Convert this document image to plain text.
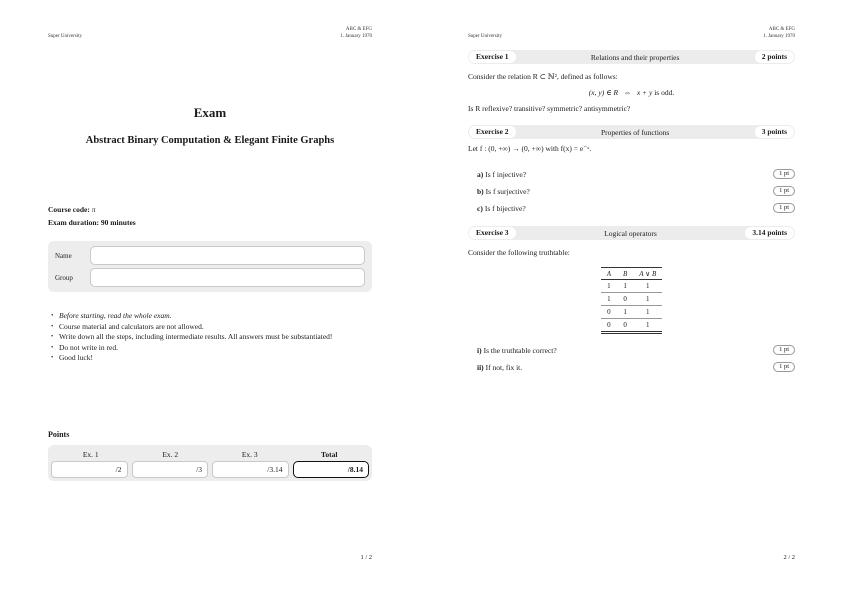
Super University
ABC & EFG
1. January 1970
Exam
Abstract Binary Computation & Elegant Finite Graphs
Course code: π
Exam duration: 90 minutes
Name
Group
• Before starting, read the whole exam.
• Course material and calculators are not allowed.
• Write down all the steps, including intermediate results. All answers must be substantiated!
• Do not write in red.
• Good luck!
Points
Ex. 1	Ex. 2	Ex. 3	Total
/2	/3	/3.14	/8.14
1 / 2
Super University
ABC & EFG
1. January 1970
Exercise 1	Relations and their properties	2 points
Consider the relation R ⊂ ℕ², defined as follows:
(x, y) ∈ R   ⇔   x + y is odd.
Is R reflexive? transitive? symmetric? antisymmetric?
Exercise 2	Properties of functions	3 points
Let f : (0, +∞) → (0, +∞) with f(x) = e⁻ˣ.
a) Is f injective?	1 pt
b) Is f surjective?	1 pt
c) Is f bijective?	1 pt
Exercise 3	Logical operators	3.14 points
Consider the following truthtable:
A	B	A ∨ B
1	1	1
1	0	1
0	1	1
0	0	1
i) Is the truthtable correct?	1 pt
ii) If not, fix it.	1 pt
2 / 2
